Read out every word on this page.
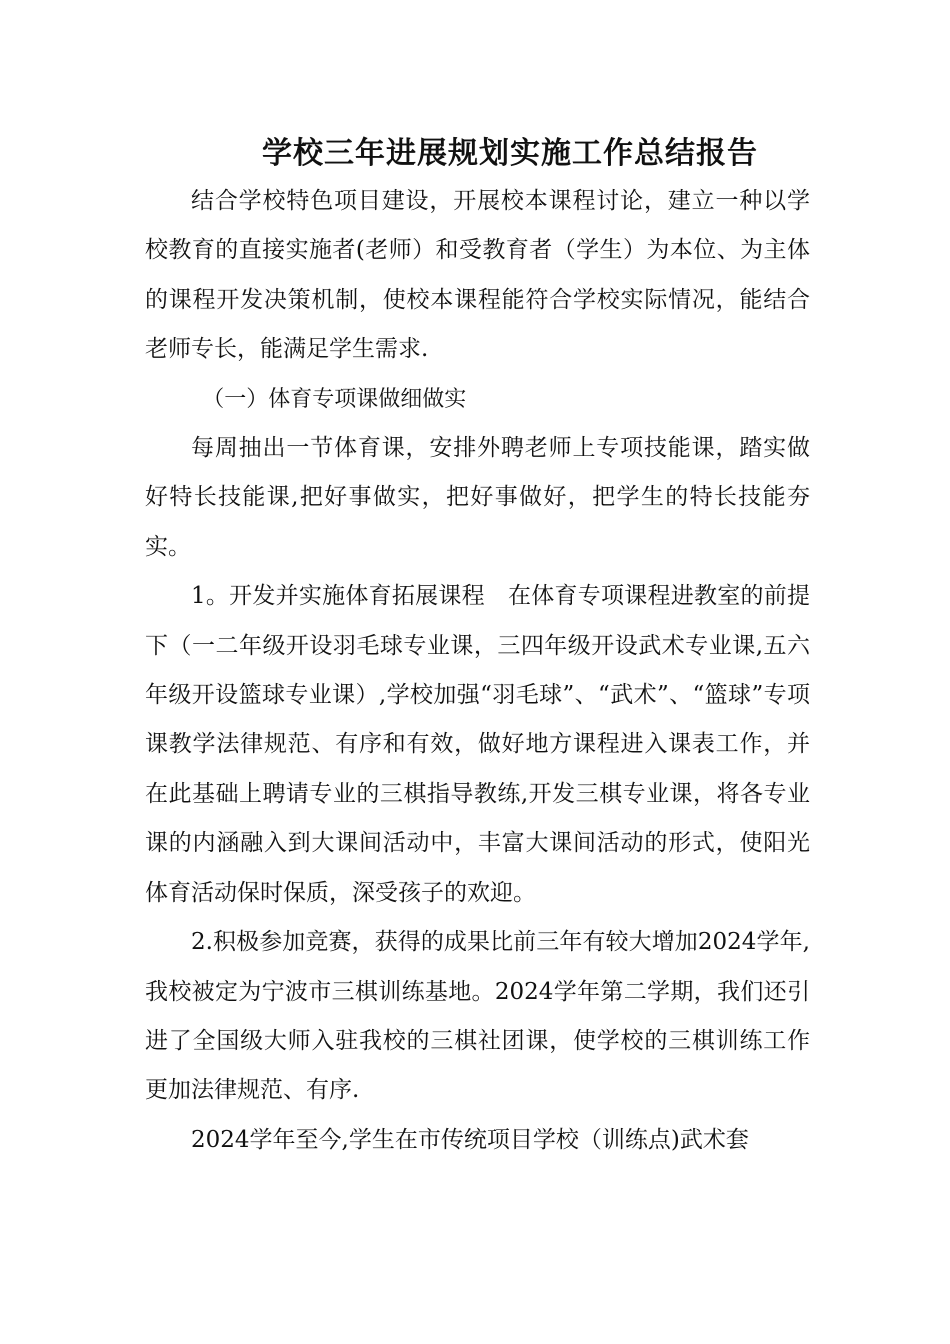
学校三年进展规划实施工作总结报告

结合学校特色项目建设，开展校本课程讨论，建立一种以学校教育的直接实施者(老师）和受教育者（学生）为本位、为主体的课程开发决策机制，使校本课程能符合学校实际情况，能结合老师专长，能满足学生需求.

（一）体育专项课做细做实

每周抽出一节体育课，安排外聘老师上专项技能课，踏实做好特长技能课,把好事做实，把好事做好，把学生的特长技能夯实。

1。开发并实施体育拓展课程　在体育专项课程进教室的前提下（一二年级开设羽毛球专业课，三四年级开设武术专业课,五六年级开设篮球专业课）,学校加强“羽毛球”、“武术”、“篮球”专项课教学法律规范、有序和有效，做好地方课程进入课表工作，并在此基础上聘请专业的三棋指导教练,开发三棋专业课，将各专业课的内涵融入到大课间活动中，丰富大课间活动的形式，使阳光体育活动保时保质，深受孩子的欢迎。

2.积极参加竞赛，获得的成果比前三年有较大增加2024学年,我校被定为宁波市三棋训练基地。2024学年第二学期，我们还引进了全国级大师入驻我校的三棋社团课，使学校的三棋训练工作更加法律规范、有序.

2024学年至今,学生在市传统项目学校（训练点)武术套
